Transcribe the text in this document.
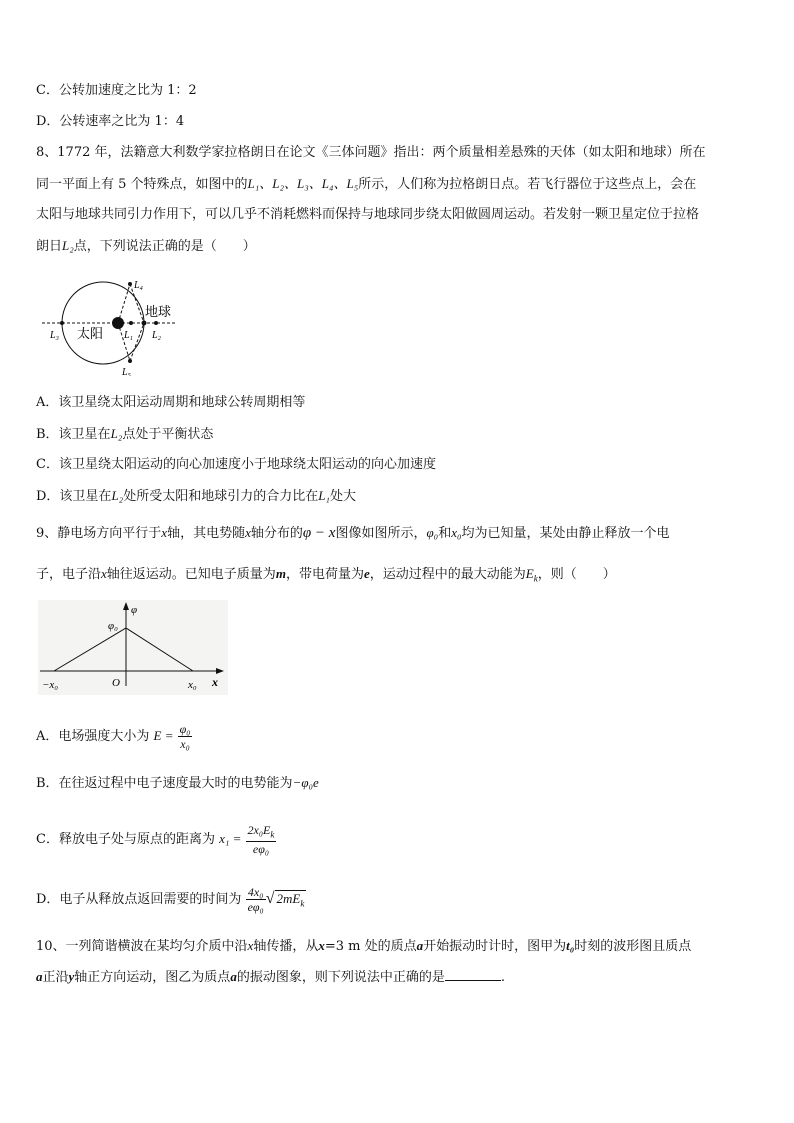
C．公转加速度之比为 1：2
D．公转速率之比为 1：4
8、1772 年，法籍意大利数学家拉格朗日在论文《三体问题》指出：两个质量相差悬殊的天体（如太阳和地球）所在
同一平面上有 5 个特殊点，如图中的L₁、L₂、L₃、L₄、L₅所示，人们称为拉格朗日点。若飞行器位于这些点上，会在
太阳与地球共同引力作用下，可以几乎不消耗燃料而保持与地球同步绕太阳做圆周运动。若发射一颗卫星定位于拉格
朗日L₂点，下列说法正确的是（　　）
太阳
地球
L₄
L₅
L₃	L₁ L₂
A．该卫星绕太阳运动周期和地球公转周期相等
B．该卫星在L₂点处于平衡状态
C．该卫星绕太阳运动的向心加速度小于地球绕太阳运动的向心加速度
D．该卫星在L₂处所受太阳和地球引力的合力比在L₁处大
9、静电场方向平行于x轴，其电势随x轴分布的φ − x图像如图所示，φ₀和x₀均为已知量，某处由静止释放一个电
子，电子沿x轴往返运动。已知电子质量为m，带电荷量为e，运动过程中的最大动能为$E_k$，则（　　）
φ
φ₀
−x₀	O	x₀ x
A．电场强度大小为 $E = \frac{\text{φ₀}}{\text{x₀}}$
B．在往返过程中电子速度最大时的电势能为−φ₀e
C．释放电子处与原点的距离为 $x_1 = \frac{2x_0E_k}{\text{eφ₀}}$
D．电子从释放点返回需要的时间为 $\frac{\text{4x₀}}{\text{eφ₀}}$ √ $2mE_k$
10、一列简谐横波在某均匀介质中沿x轴传播，从x=3 m 处的质点a开始振动时计时，图甲为t₀时刻的波形图且质点
a正沿y轴正方向运动，图乙为质点a的振动图象，则下列说法中正确的是	.
